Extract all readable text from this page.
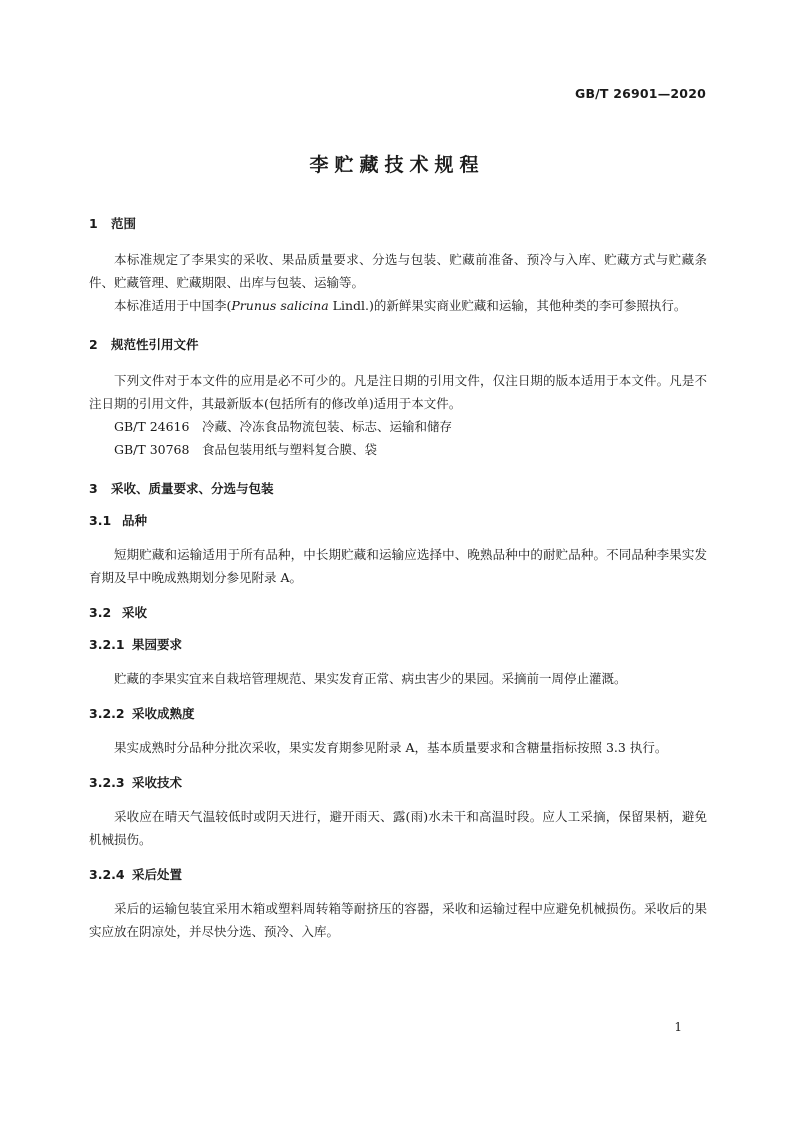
GB/T 26901—2020
李贮藏技术规程
1 范围

本标准规定了李果实的采收、果品质量要求、分选与包装、贮藏前准备、预冷与入库、贮藏方式与贮藏条件、贮藏管理、贮藏期限、出库与包装、运输等。

本标准适用于中国李(Prunus salicina Lindl.)的新鲜果实商业贮藏和运输，其他种类的李可参照执行。

2 规范性引用文件

下列文件对于本文件的应用是必不可少的。凡是注日期的引用文件，仅注日期的版本适用于本文件。凡是不注日期的引用文件，其最新版本(包括所有的修改单)适用于本文件。

GB/T 24616 冷藏、冷冻食品物流包装、标志、运输和储存
GB/T 30768 食品包装用纸与塑料复合膜、袋
3 采收、质量要求、分选与包装
3.1 品种

短期贮藏和运输适用于所有品种，中长期贮藏和运输应选择中、晚熟品种中的耐贮品种。不同品种李果实发育期及早中晚成熟期划分参见附录 A。

3.2 采收
3.2.1 果园要求

贮藏的李果实宜来自栽培管理规范、果实发育正常、病虫害少的果园。采摘前一周停止灌溉。

3.2.2 采收成熟度

果实成熟时分品种分批次采收，果实发育期参见附录 A，基本质量要求和含糖量指标按照 3.3 执行。

3.2.3 采收技术

采收应在晴天气温较低时或阴天进行，避开雨天、露(雨)水未干和高温时段。应人工采摘，保留果柄，避免机械损伤。

3.2.4 采后处置

采后的运输包装宜采用木箱或塑料周转箱等耐挤压的容器，采收和运输过程中应避免机械损伤。采收后的果实应放在阴凉处，并尽快分选、预冷、入库。

1
